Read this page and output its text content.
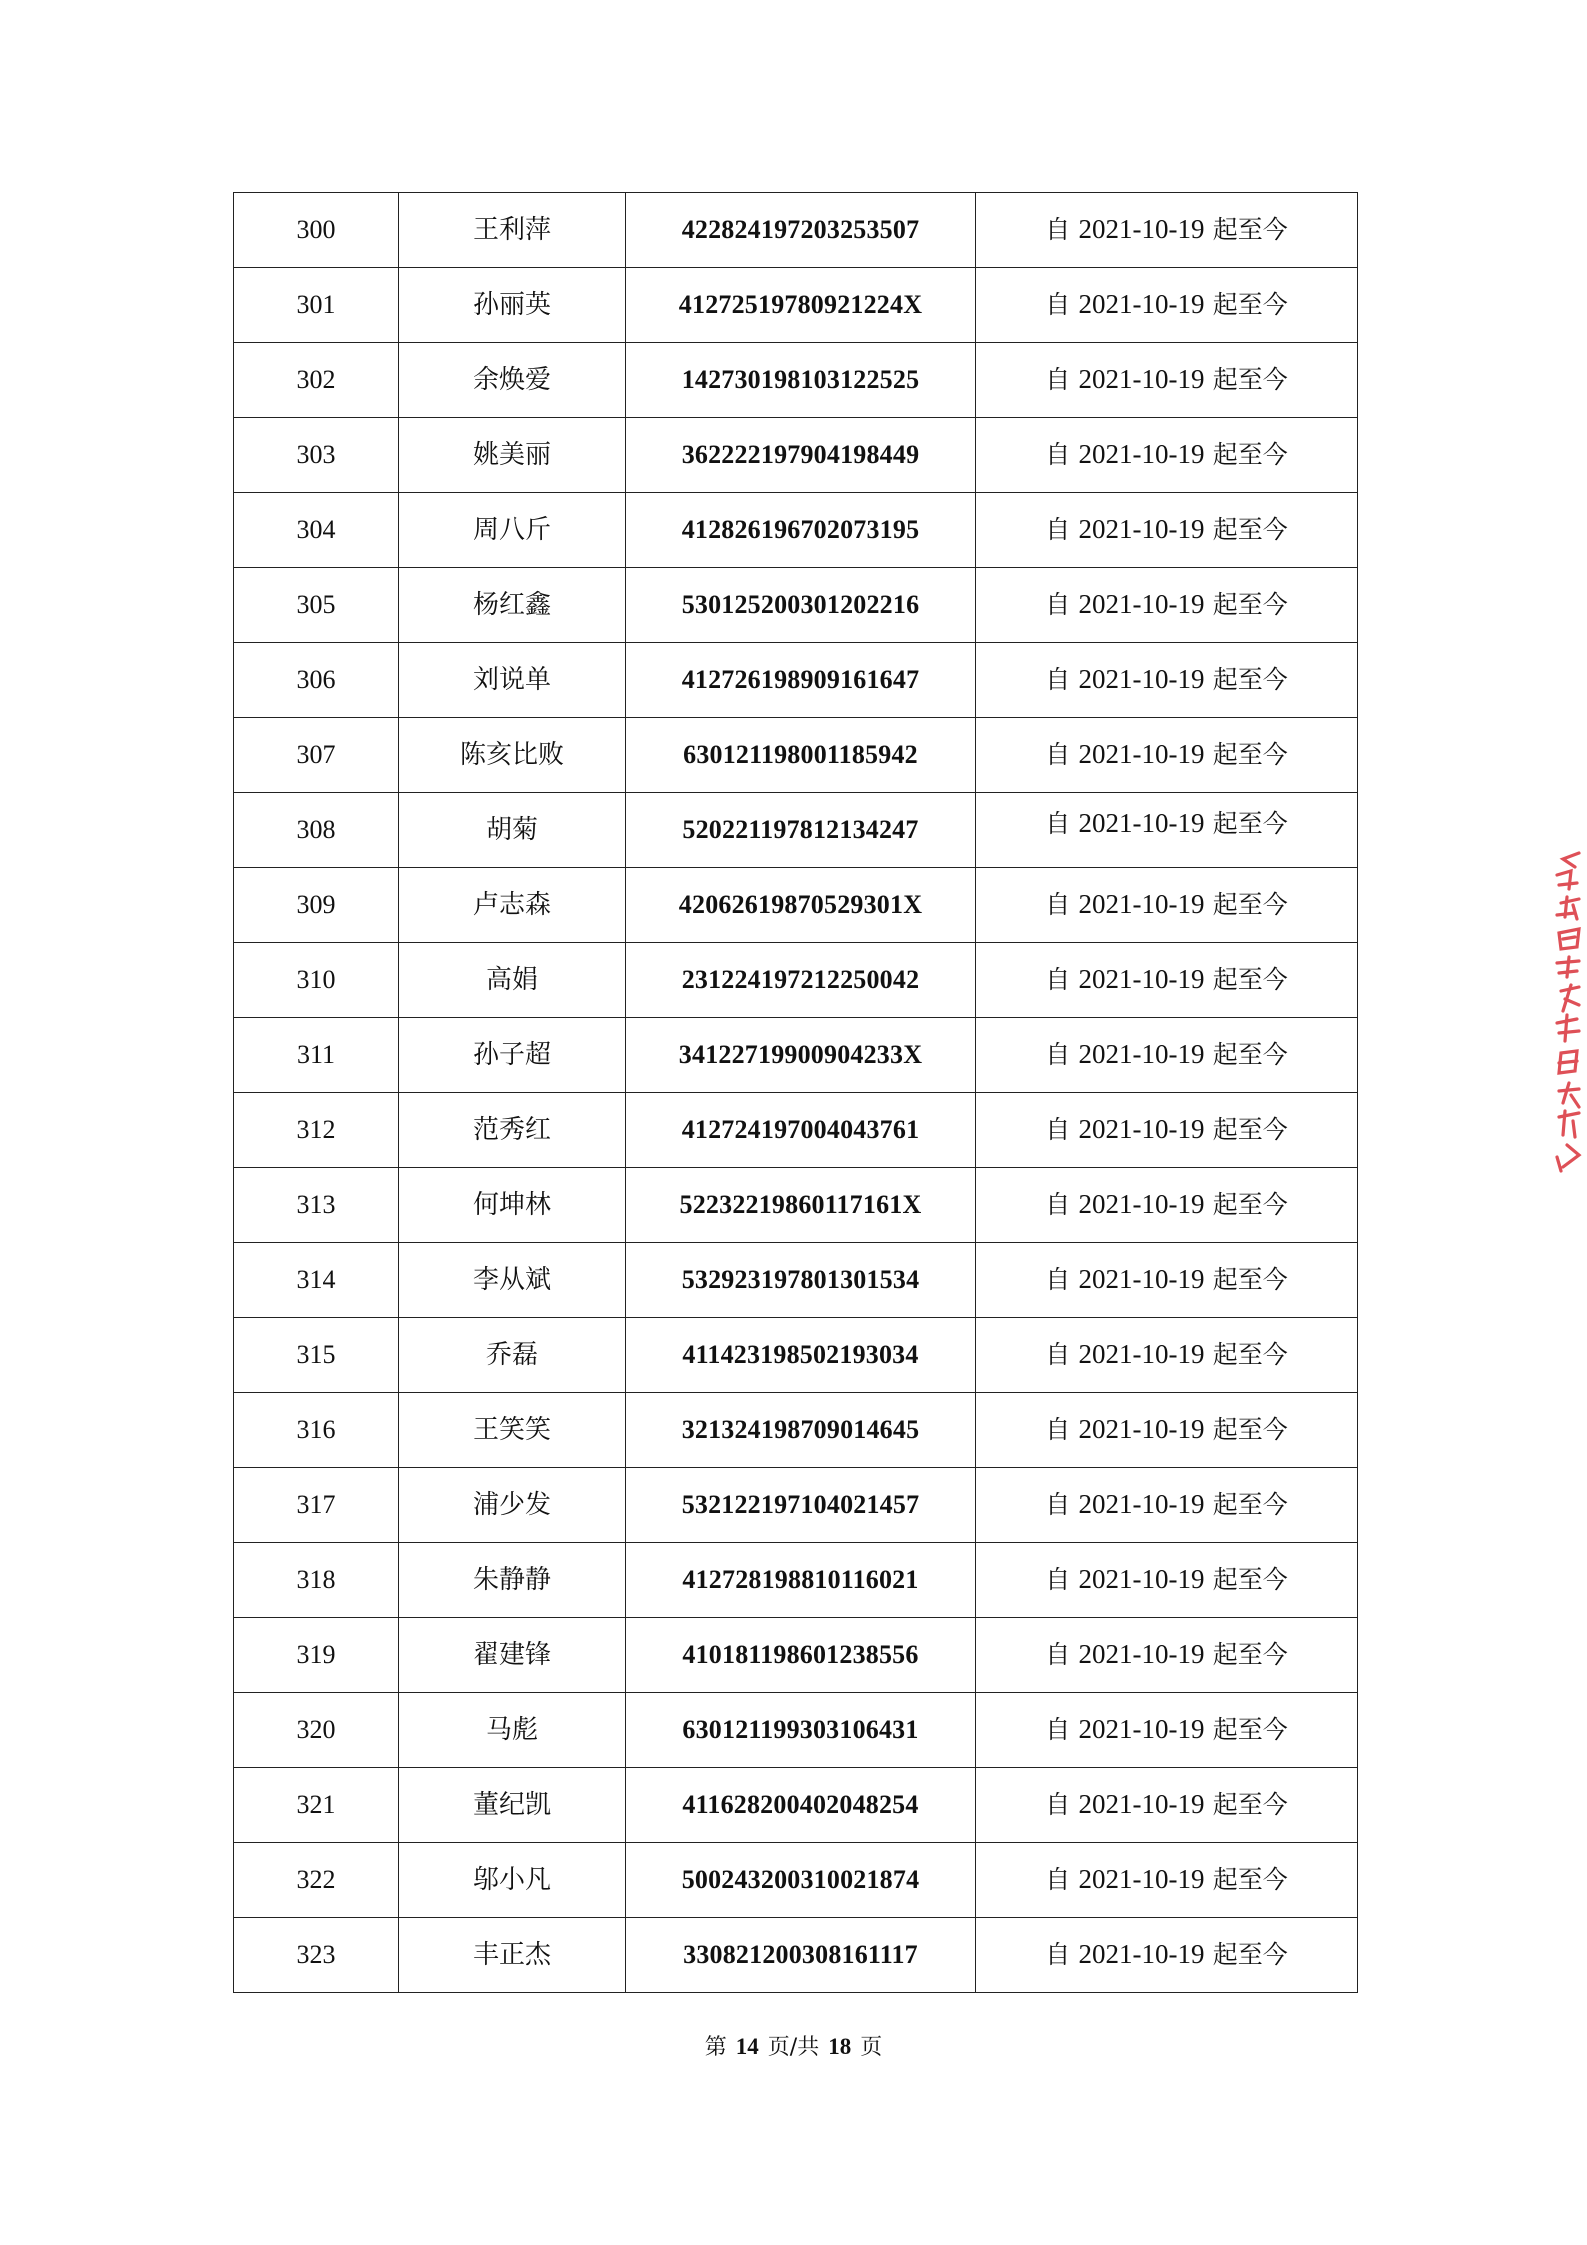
300	王利萍	422824197203253507	自 2021-10-19 起至今
301	孙丽英	41272519780921224X	自 2021-10-19 起至今
302	余焕爱	142730198103122525	自 2021-10-19 起至今
303	姚美丽	362222197904198449	自 2021-10-19 起至今
304	周八斤	412826196702073195	自 2021-10-19 起至今
305	杨红鑫	530125200301202216	自 2021-10-19 起至今
306	刘说单	412726198909161647	自 2021-10-19 起至今
307	陈亥比败	630121198001185942	自 2021-10-19 起至今
308	胡菊	520221197812134247	自 2021-10-19 起至今
309	卢志森	42062619870529301X	自 2021-10-19 起至今
310	高娟	231224197212250042	自 2021-10-19 起至今
311	孙子超	34122719900904233X	自 2021-10-19 起至今
312	范秀红	412724197004043761	自 2021-10-19 起至今
313	何坤林	52232219860117161X	自 2021-10-19 起至今
314	李从斌	532923197801301534	自 2021-10-19 起至今
315	乔磊	411423198502193034	自 2021-10-19 起至今
316	王笑笑	321324198709014645	自 2021-10-19 起至今
317	浦少发	532122197104021457	自 2021-10-19 起至今
318	朱静静	412728198810116021	自 2021-10-19 起至今
319	翟建锋	410181198601238556	自 2021-10-19 起至今
320	马彪	630121199303106431	自 2021-10-19 起至今
321	董纪凯	411628200402048254	自 2021-10-19 起至今
322	邬小凡	500243200310021874	自 2021-10-19 起至今
323	丰正杰	330821200308161117	自 2021-10-19 起至今
第 14 页/共 18 页
